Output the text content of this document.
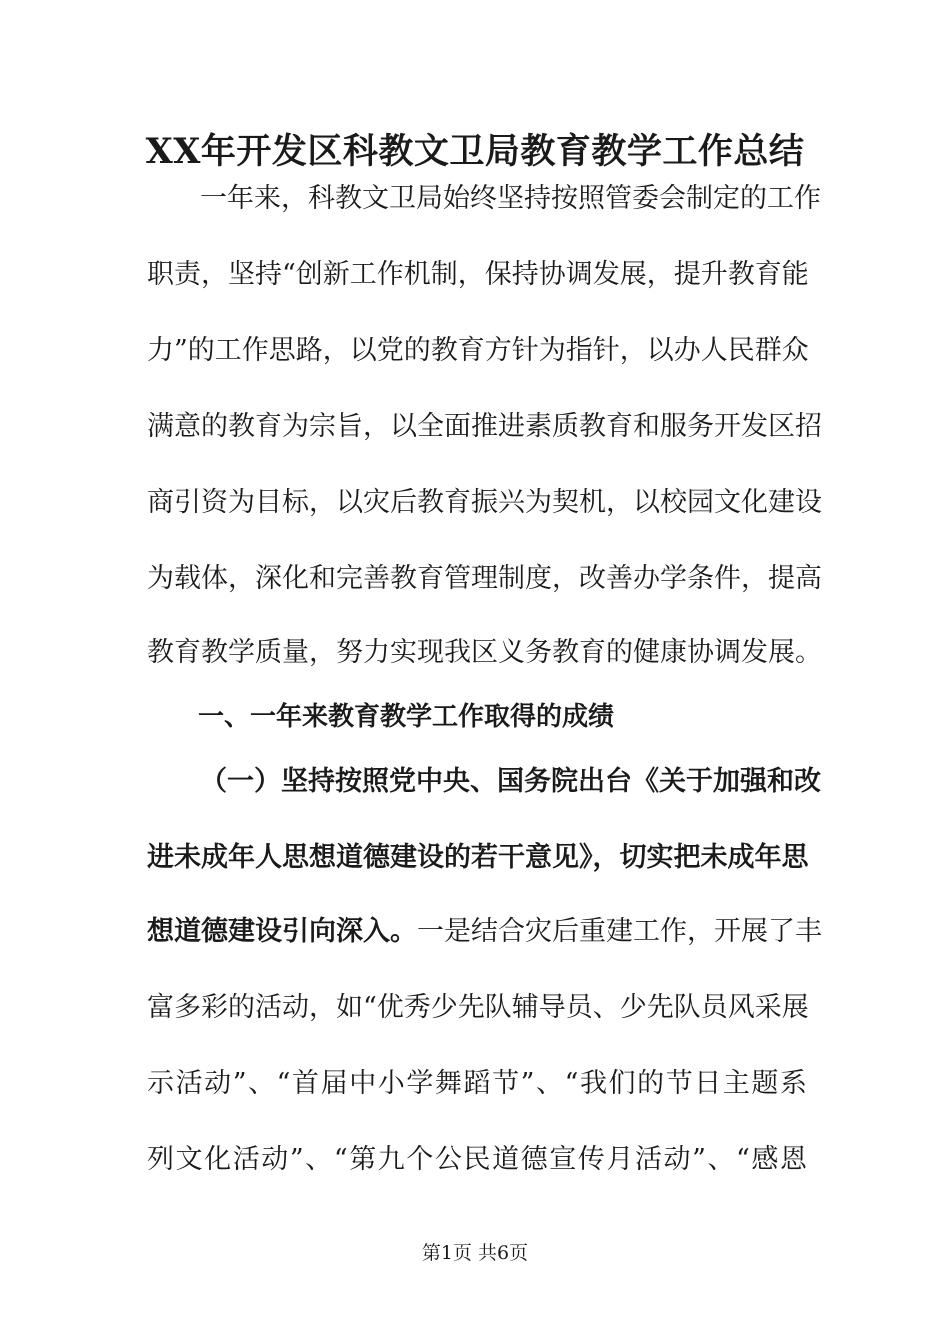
XX年开发区科教文卫局教育教学工作总结
一年来，科教文卫局始终坚持按照管委会制定的工作
职责，坚持“创新工作机制，保持协调发展，提升教育能
力”的工作思路，以党的教育方针为指针，以办人民群众
满意的教育为宗旨，以全面推进素质教育和服务开发区招
商引资为目标，以灾后教育振兴为契机，以校园文化建设
为载体，深化和完善教育管理制度，改善办学条件，提高
教育教学质量，努力实现我区义务教育的健康协调发展。
一、一年来教育教学工作取得的成绩
（一）坚持按照党中央、国务院出台《关于加强和改
进未成年人思想道德建设的若干意见》，切实把未成年思
想道德建设引向深入。一是结合灾后重建工作，开展了丰
富多彩的活动，如“优秀少先队辅导员、少先队员风采展
示活动”、“首届中小学舞蹈节”、“我们的节日主题系
列文化活动”、“第九个公民道德宣传月活动”、“感恩
第1页 共6页
